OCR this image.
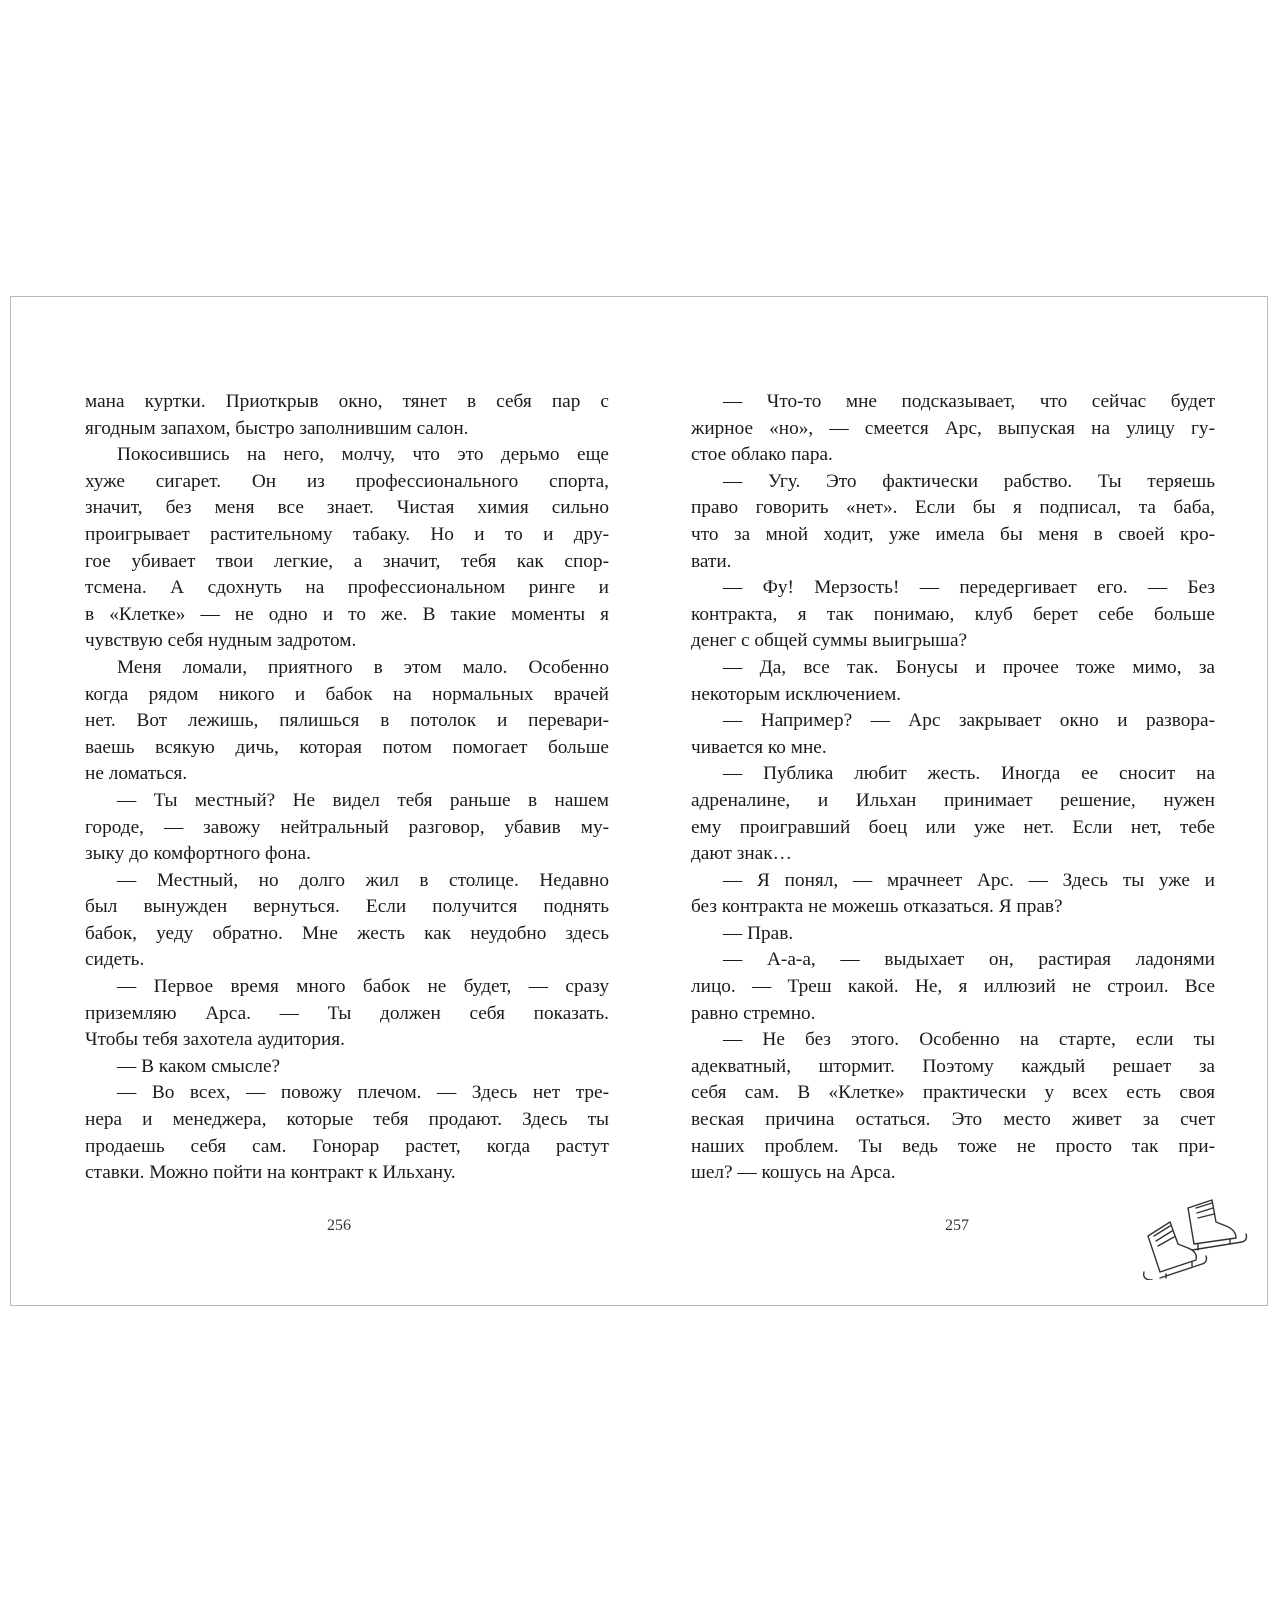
мана куртки. Приоткрыв окно, тянет в себя пар с
ягодным запахом, быстро заполнившим салон.
Покосившись на него, молчу, что это дерьмо еще
хуже сигарет. Он из профессионального спорта,
значит, без меня все знает. Чистая химия сильно
проигрывает растительному табаку. Но и то и дру-
гое убивает твои легкие, а значит, тебя как спор-
тсмена. А сдохнуть на профессиональном ринге и
в «Клетке» — не одно и то же. В такие моменты я
чувствую себя нудным задротом.
Меня ломали, приятного в этом мало. Особенно
когда рядом никого и бабок на нормальных врачей
нет. Вот лежишь, пялишься в потолок и перевари-
ваешь всякую дичь, которая потом помогает больше
не ломаться.
— Ты местный? Не видел тебя раньше в нашем
городе, — завожу нейтральный разговор, убавив му-
зыку до комфортного фона.
— Местный, но долго жил в столице. Недавно
был вынужден вернуться. Если получится поднять
бабок, уеду обратно. Мне жесть как неудобно здесь
сидеть.
— Первое время много бабок не будет, — сразу
приземляю Арса. — Ты должен себя показать.
Чтобы тебя захотела аудитория.
— В каком смысле?
— Во всех, — повожу плечом. — Здесь нет тре-
нера и менеджера, которые тебя продают. Здесь ты
продаешь себя сам. Гонорар растет, когда растут
ставки. Можно пойти на контракт к Ильхану.
— Что-то мне подсказывает, что сейчас будет
жирное «но», — смеется Арс, выпуская на улицу гу-
стое облако пара.
— Угу. Это фактически рабство. Ты теряешь
право говорить «нет». Если бы я подписал, та баба,
что за мной ходит, уже имела бы меня в своей кро-
вати.
— Фу! Мерзость! — передергивает его. — Без
контракта, я так понимаю, клуб берет себе больше
денег с общей суммы выигрыша?
— Да, все так. Бонусы и прочее тоже мимо, за
некоторым исключением.
— Например? — Арс закрывает окно и развора-
чивается ко мне.
— Публика любит жесть. Иногда ее сносит на
адреналине, и Ильхан принимает решение, нужен
ему проигравший боец или уже нет. Если нет, тебе
дают знак…
— Я понял, — мрачнеет Арс. — Здесь ты уже и
без контракта не можешь отказаться. Я прав?
— Прав.
— А-а-а, — выдыхает он, растирая ладонями
лицо. — Треш какой. Не, я иллюзий не строил. Все
равно стремно.
— Не без этого. Особенно на старте, если ты
адекватный, штормит. Поэтому каждый решает за
себя сам. В «Клетке» практически у всех есть своя
веская причина остаться. Это место живет за счет
наших проблем. Ты ведь тоже не просто так при-
шел? — кошусь на Арса.
256	257
